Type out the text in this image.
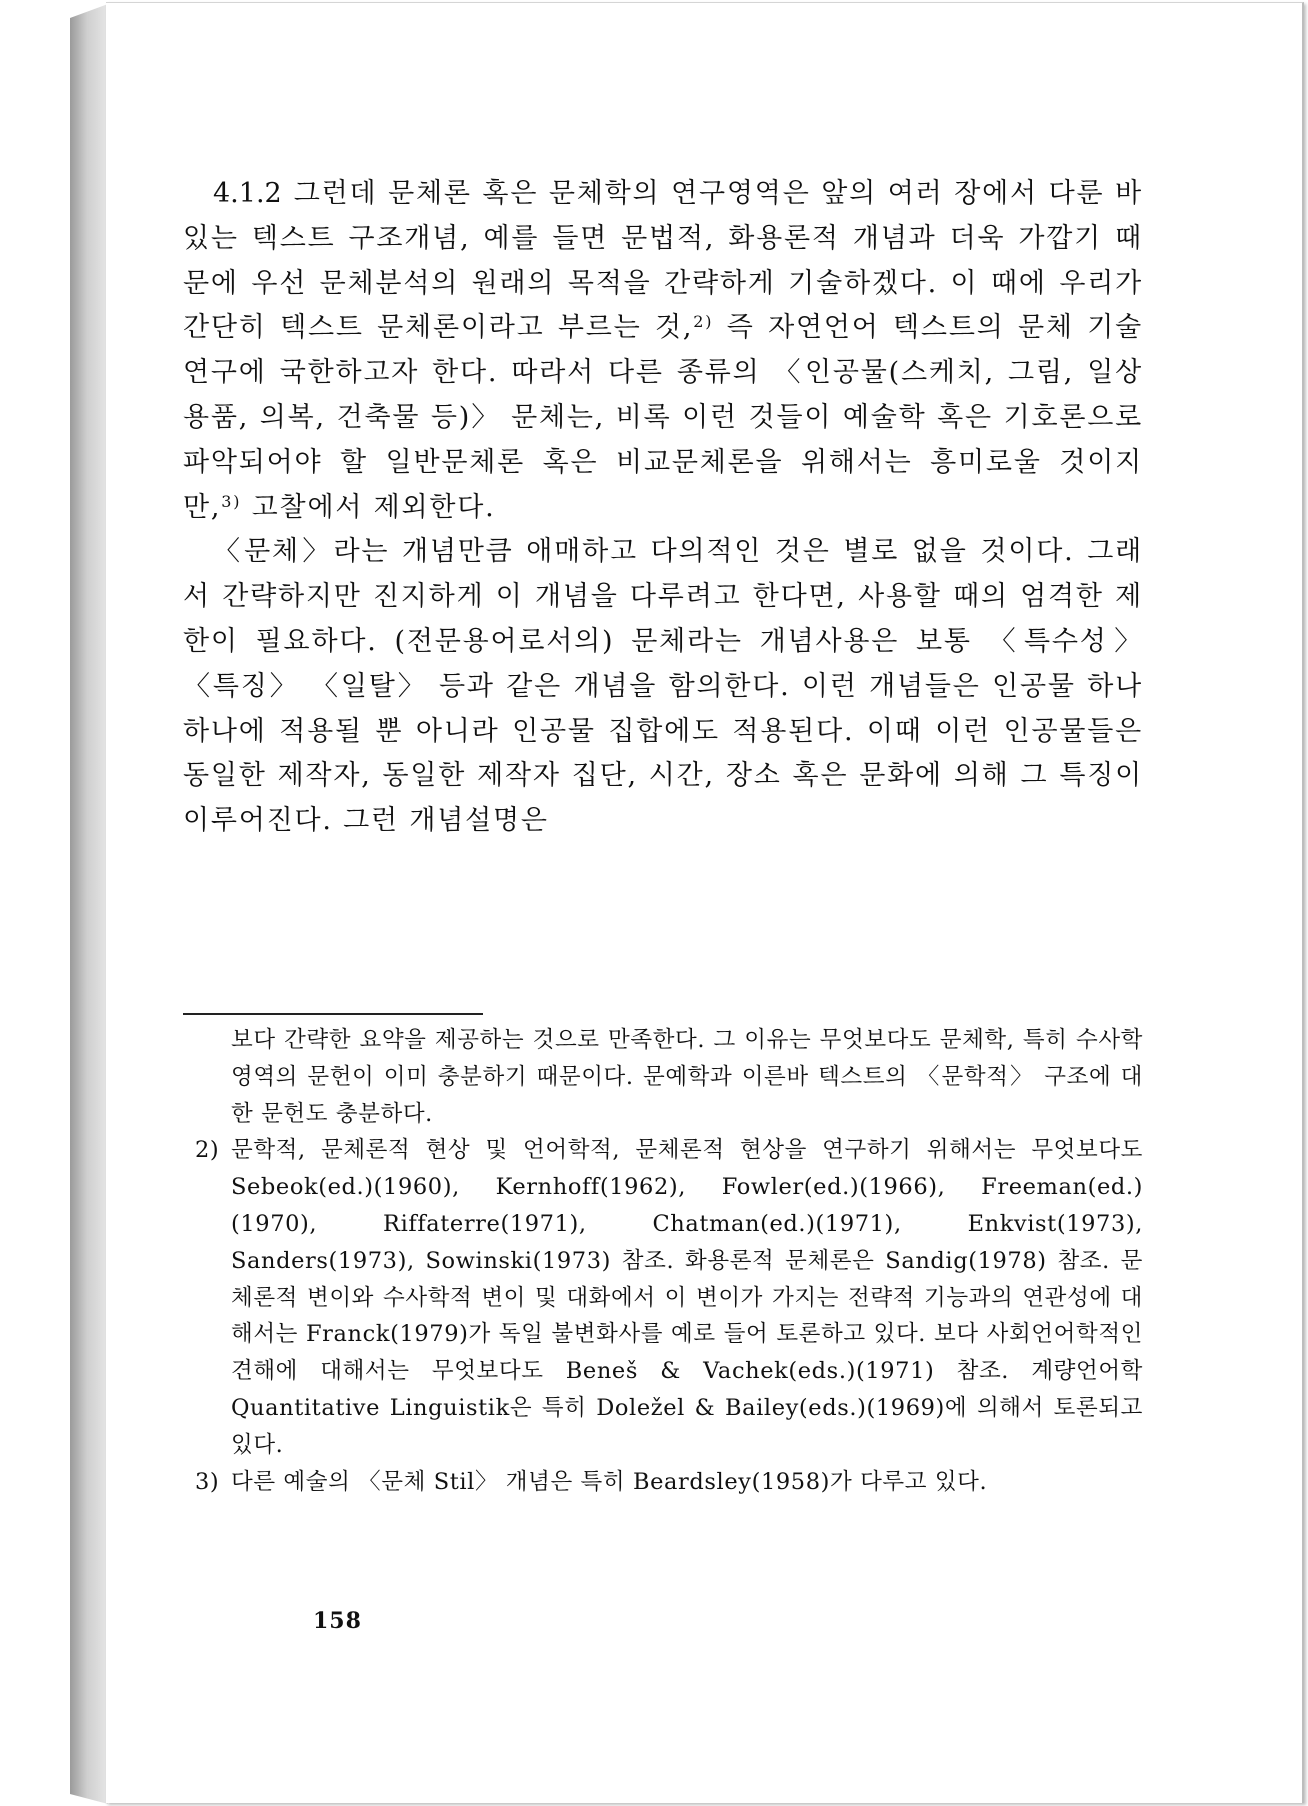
4.1.2 그런데 문체론 혹은 문체학의 연구영역은 앞의 여러 장에서 다룬 바 있는 텍스트 구조개념, 예를 들면 문법적, 화용론적 개념과 더욱 가깝기 때문에 우선 문체분석의 원래의 목적을 간략하게 기술하겠다. 이 때에 우리가 간단히 텍스트 문체론이라고 부르는 것,$^{2)}$ 즉 자연언어 텍스트의 문체 기술연구에 국한하고자 한다. 따라서 다른 종류의 〈인공물(스케치, 그림, 일상용품, 의복, 건축물 등)〉 문체는, 비록 이런 것들이 예술학 혹은 기호론으로 파악되어야 할 일반문체론 혹은 비교문체론을 위해서는 흥미로울 것이지만,$^{3)}$ 고찰에서 제외한다.

〈문체〉라는 개념만큼 애매하고 다의적인 것은 별로 없을 것이다. 그래서 간략하지만 진지하게 이 개념을 다루려고 한다면, 사용할 때의 엄격한 제한이 필요하다. (전문용어로서의) 문체라는 개념사용은 보통 〈특수성〉 〈특징〉 〈일탈〉 등과 같은 개념을 함의한다. 이런 개념들은 인공물 하나하나에 적용될 뿐 아니라 인공물 집합에도 적용된다. 이때 이런 인공물들은 동일한 제작자, 동일한 제작자 집단, 시간, 장소 혹은 문화에 의해 그 특징이 이루어진다. 그런 개념설명은

보다 간략한 요약을 제공하는 것으로 만족한다. 그 이유는 무엇보다도 문체학, 특히 수사학 영역의 문헌이 이미 충분하기 때문이다. 문예학과 이른바 텍스트의 〈문학적〉 구조에 대한 문헌도 충분하다.

2) 문학적, 문체론적 현상 및 언어학적, 문체론적 현상을 연구하기 위해서는 무엇보다도 Sebeok(ed.)(1960), Kernhoff(1962), Fowler(ed.)(1966), Freeman(ed.)(1970), Riffaterre(1971), Chatman(ed.)(1971), Enkvist(1973), Sanders(1973), Sowinski(1973) 참조. 화용론적 문체론은 Sandig(1978) 참조. 문체론적 변이와 수사학적 변이 및 대화에서 이 변이가 가지는 전략적 기능과의 연관성에 대해서는 Franck(1979)가 독일 불변화사를 예로 들어 토론하고 있다. 보다 사회언어학적인 견해에 대해서는 무엇보다도 Beneš & Vachek(eds.)(1971) 참조. 계량언어학 Quantitative Linguistik은 특히 Doležel & Bailey(eds.)(1969)에 의해서 토론되고 있다.
3) 다른 예술의 〈문체 Stil〉 개념은 특히 Beardsley(1958)가 다루고 있다.
158
